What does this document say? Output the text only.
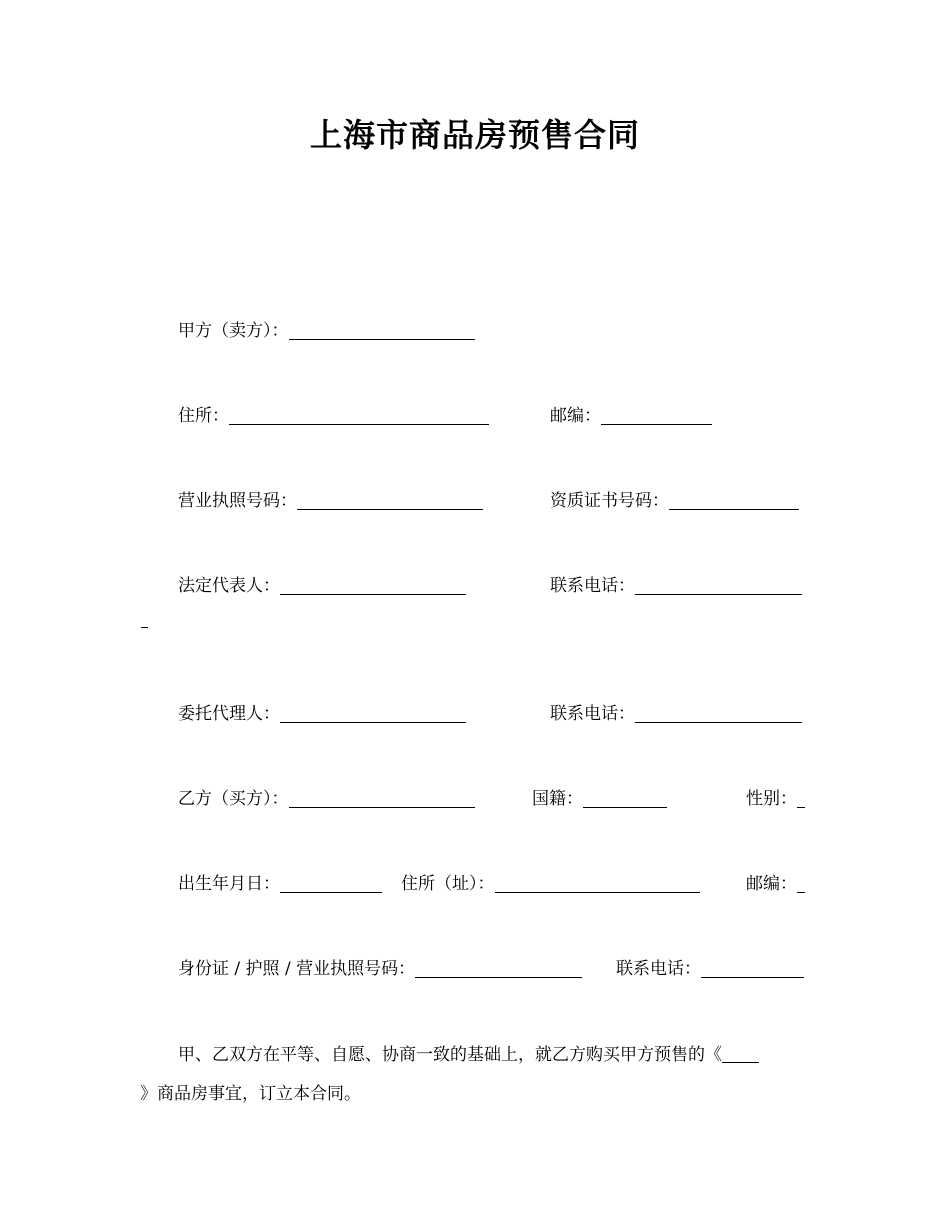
上海市商品房预售合同
甲方（卖方）：
住所：	邮编：
营业执照号码：	资质证书号码：
法定代表人：	联系电话：
委托代理人：	联系电话：
乙方（买方）：	国籍：	性别：
出生年月日：	住所（址）：	邮编：
身份证 / 护照 / 营业执照号码：	联系电话：
甲、乙双方在平等、自愿、协商一致的基础上，就乙方购买甲方预售的《
》商品房事宜，订立本合同。
